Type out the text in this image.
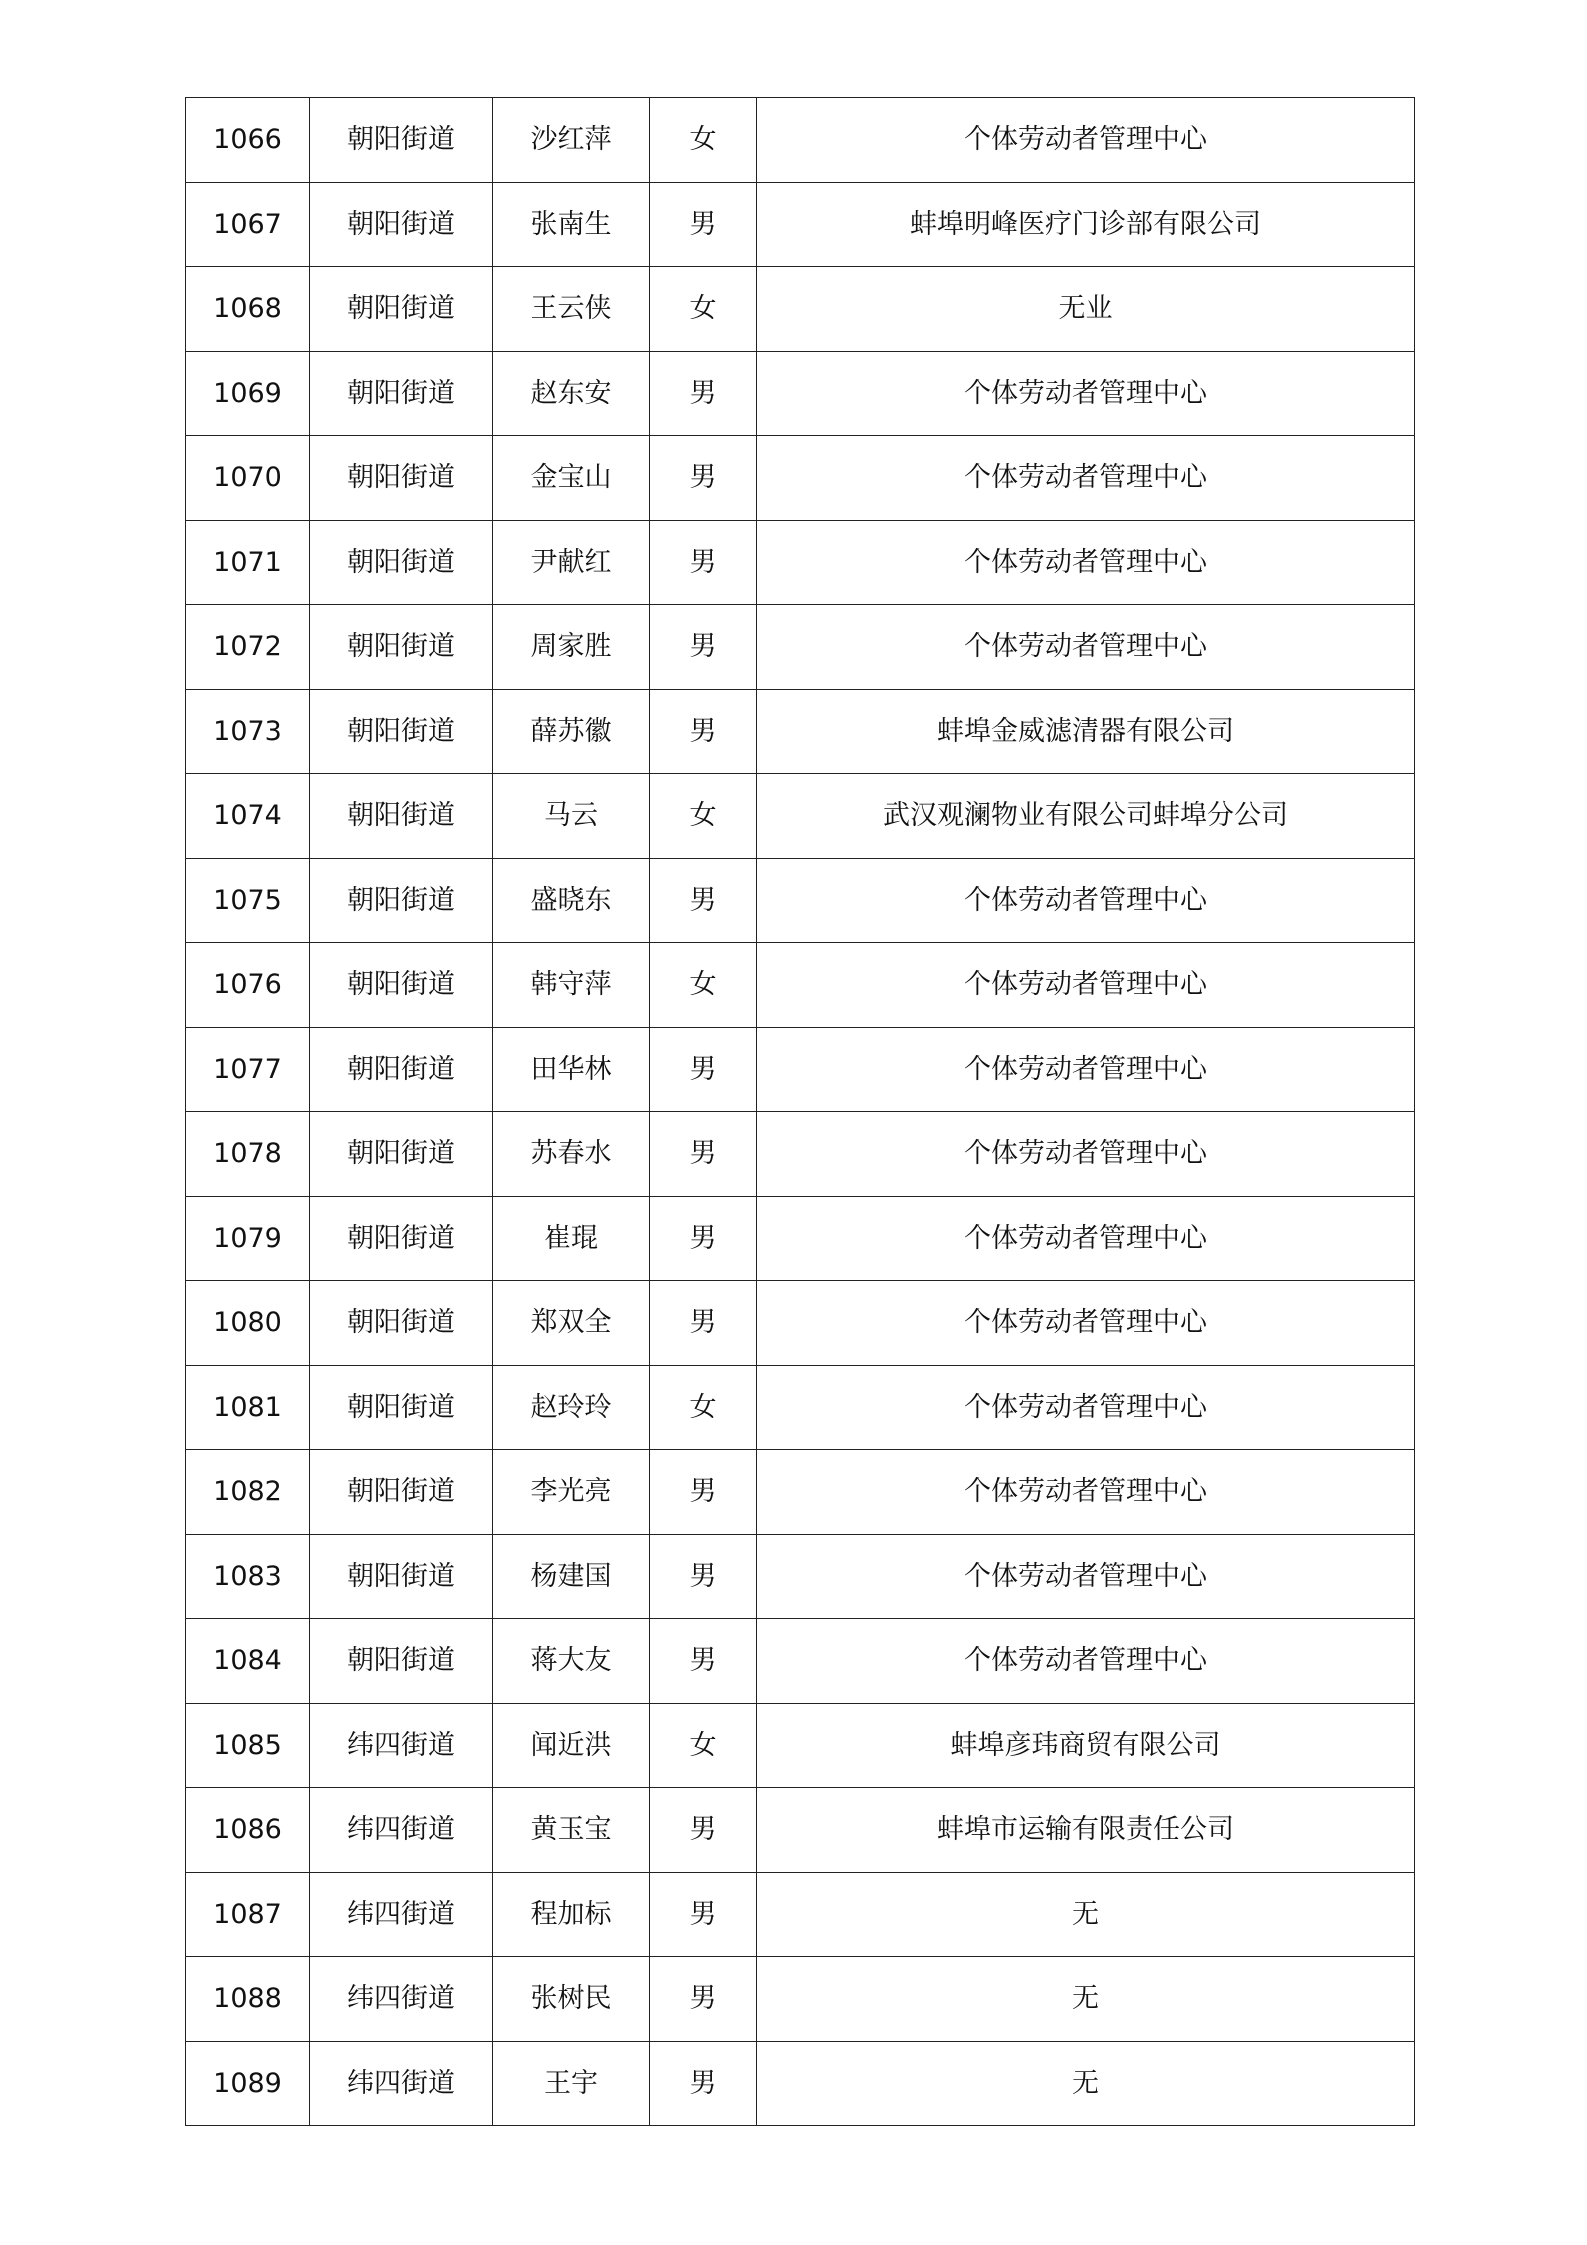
1066	朝阳街道	沙红萍	女	个体劳动者管理中心
1067	朝阳街道	张南生	男	蚌埠明峰医疗门诊部有限公司
1068	朝阳街道	王云侠	女	无业
1069	朝阳街道	赵东安	男	个体劳动者管理中心
1070	朝阳街道	金宝山	男	个体劳动者管理中心
1071	朝阳街道	尹献红	男	个体劳动者管理中心
1072	朝阳街道	周家胜	男	个体劳动者管理中心
1073	朝阳街道	薛苏徽	男	蚌埠金威滤清器有限公司
1074	朝阳街道	马云	女	武汉观澜物业有限公司蚌埠分公司
1075	朝阳街道	盛晓东	男	个体劳动者管理中心
1076	朝阳街道	韩守萍	女	个体劳动者管理中心
1077	朝阳街道	田华林	男	个体劳动者管理中心
1078	朝阳街道	苏春水	男	个体劳动者管理中心
1079	朝阳街道	崔琨	男	个体劳动者管理中心
1080	朝阳街道	郑双全	男	个体劳动者管理中心
1081	朝阳街道	赵玲玲	女	个体劳动者管理中心
1082	朝阳街道	李光亮	男	个体劳动者管理中心
1083	朝阳街道	杨建国	男	个体劳动者管理中心
1084	朝阳街道	蒋大友	男	个体劳动者管理中心
1085	纬四街道	闻近洪	女	蚌埠彦玮商贸有限公司
1086	纬四街道	黄玉宝	男	蚌埠市运输有限责任公司
1087	纬四街道	程加标	男	无
1088	纬四街道	张树民	男	无
1089	纬四街道	王宇	男	无
